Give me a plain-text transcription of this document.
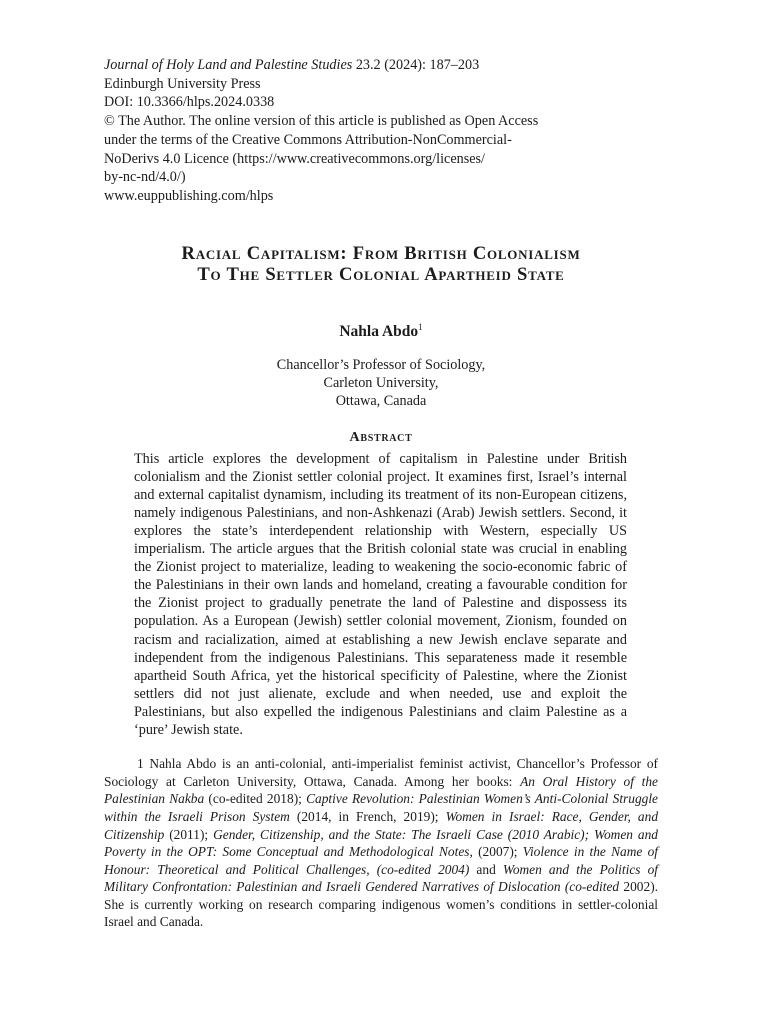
Journal of Holy Land and Palestine Studies 23.2 (2024): 187–203

Edinburgh University Press

DOI: 10.3366/hlps.2024.0338

© The Author. The online version of this article is published as Open Access

under the terms of the Creative Commons Attribution-NonCommercial-

NoDerivs 4.0 Licence (https://www.creativecommons.org/licenses/

by-nc-nd/4.0/)

www.euppublishing.com/hlps

Racial Capitalism: From British Colonialism
To The Settler Colonial Apartheid State
Nahla Abdo$^1$

Chancellor’s Professor of Sociology,

Carleton University,

Ottawa, Canada

Abstract

This article explores the development of capitalism in Palestine under British colonialism and the Zionist settler colonial project. It examines first, Israel’s internal and external capitalist dynamism, including its treatment of its non-European citizens, namely indigenous Palestinians, and non-Ashkenazi (Arab) Jewish settlers. Second, it explores the state’s interdependent relationship with Western, especially US imperialism. The article argues that the British colonial state was crucial in enabling the Zionist project to materialize, leading to weakening the socio-economic fabric of the Palestinians in their own lands and homeland, creating a favourable condition for the Zionist project to gradually penetrate the land of Palestine and dispossess its population. As a European (Jewish) settler colonial movement, Zionism, founded on racism and racialization, aimed at establishing a new Jewish enclave separate and independent from the indigenous Palestinians. This separateness made it resemble apartheid South Africa, yet the historical specificity of Palestine, where the Zionist settlers did not just alienate, exclude and when needed, use and exploit the Palestinians, but also expelled the indigenous Palestinians and claim Palestine as a ‘pure’ Jewish state.

1 Nahla Abdo is an anti-colonial, anti-imperialist feminist activist, Chancellor’s Professor of Sociology at Carleton University, Ottawa, Canada. Among her books: An Oral History of the Palestinian Nakba (co-edited 2018); Captive Revolution: Palestinian Women’s Anti-Colonial Struggle within the Israeli Prison System (2014, in French, 2019); Women in Israel: Race, Gender, and Citizenship (2011); Gender, Citizenship, and the State: The Israeli Case (2010 Arabic); Women and Poverty in the OPT: Some Conceptual and Methodological Notes, (2007); Violence in the Name of Honour: Theoretical and Political Challenges, (co-edited 2004) and Women and the Politics of Military Confrontation: Palestinian and Israeli Gendered Narratives of Dislocation (co-edited 2002). She is currently working on research comparing indigenous women’s conditions in settler-colonial Israel and Canada.
